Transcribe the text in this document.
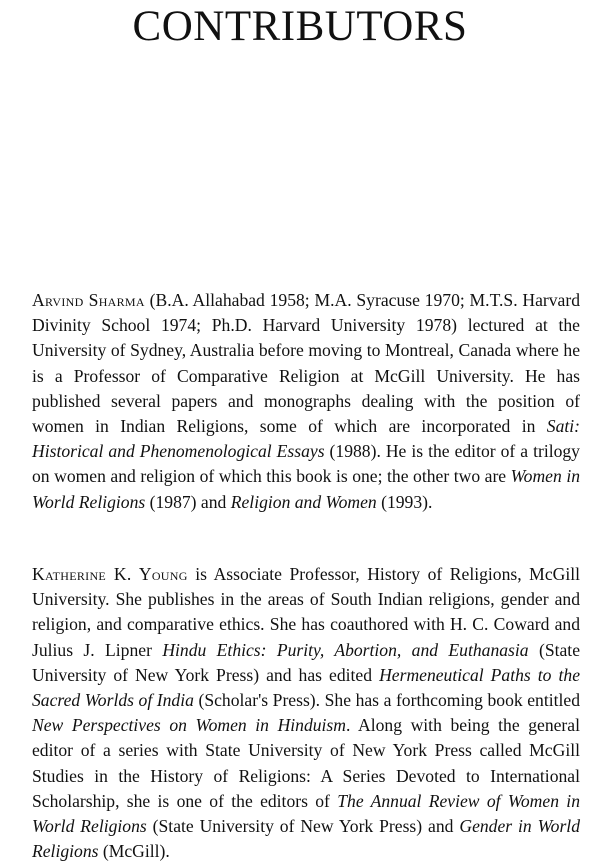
CONTRIBUTORS

Arvind Sharma (B.A. Allahabad 1958; M.A. Syracuse 1970; M.T.S. Harvard Divinity School 1974; Ph.D. Harvard University 1978) lectured at the University of Sydney, Australia before moving to Montreal, Canada where he is a Professor of Comparative Religion at McGill University. He has published several papers and monographs dealing with the position of women in Indian Religions, some of which are incorporated in Sati: Historical and Phenomenological Essays (1988). He is the editor of a trilogy on women and religion of which this book is one; the other two are Women in World Religions (1987) and Religion and Women (1993).

Katherine K. Young is Associate Professor, History of Religions, McGill University. She publishes in the areas of South Indian religions, gender and religion, and comparative ethics. She has coauthored with H. C. Coward and Julius J. Lipner Hindu Ethics: Purity, Abortion, and Euthanasia (State University of New York Press) and has edited Hermeneutical Paths to the Sacred Worlds of India (Scholar's Press). She has a forthcoming book entitled New Perspectives on Women in Hinduism. Along with being the general editor of a series with State University of New York Press called McGill Studies in the History of Religions: A Series Devoted to International Scholarship, she is one of the editors of The Annual Review of Women in World Religions (State University of New York Press) and Gender in World Religions (McGill).
